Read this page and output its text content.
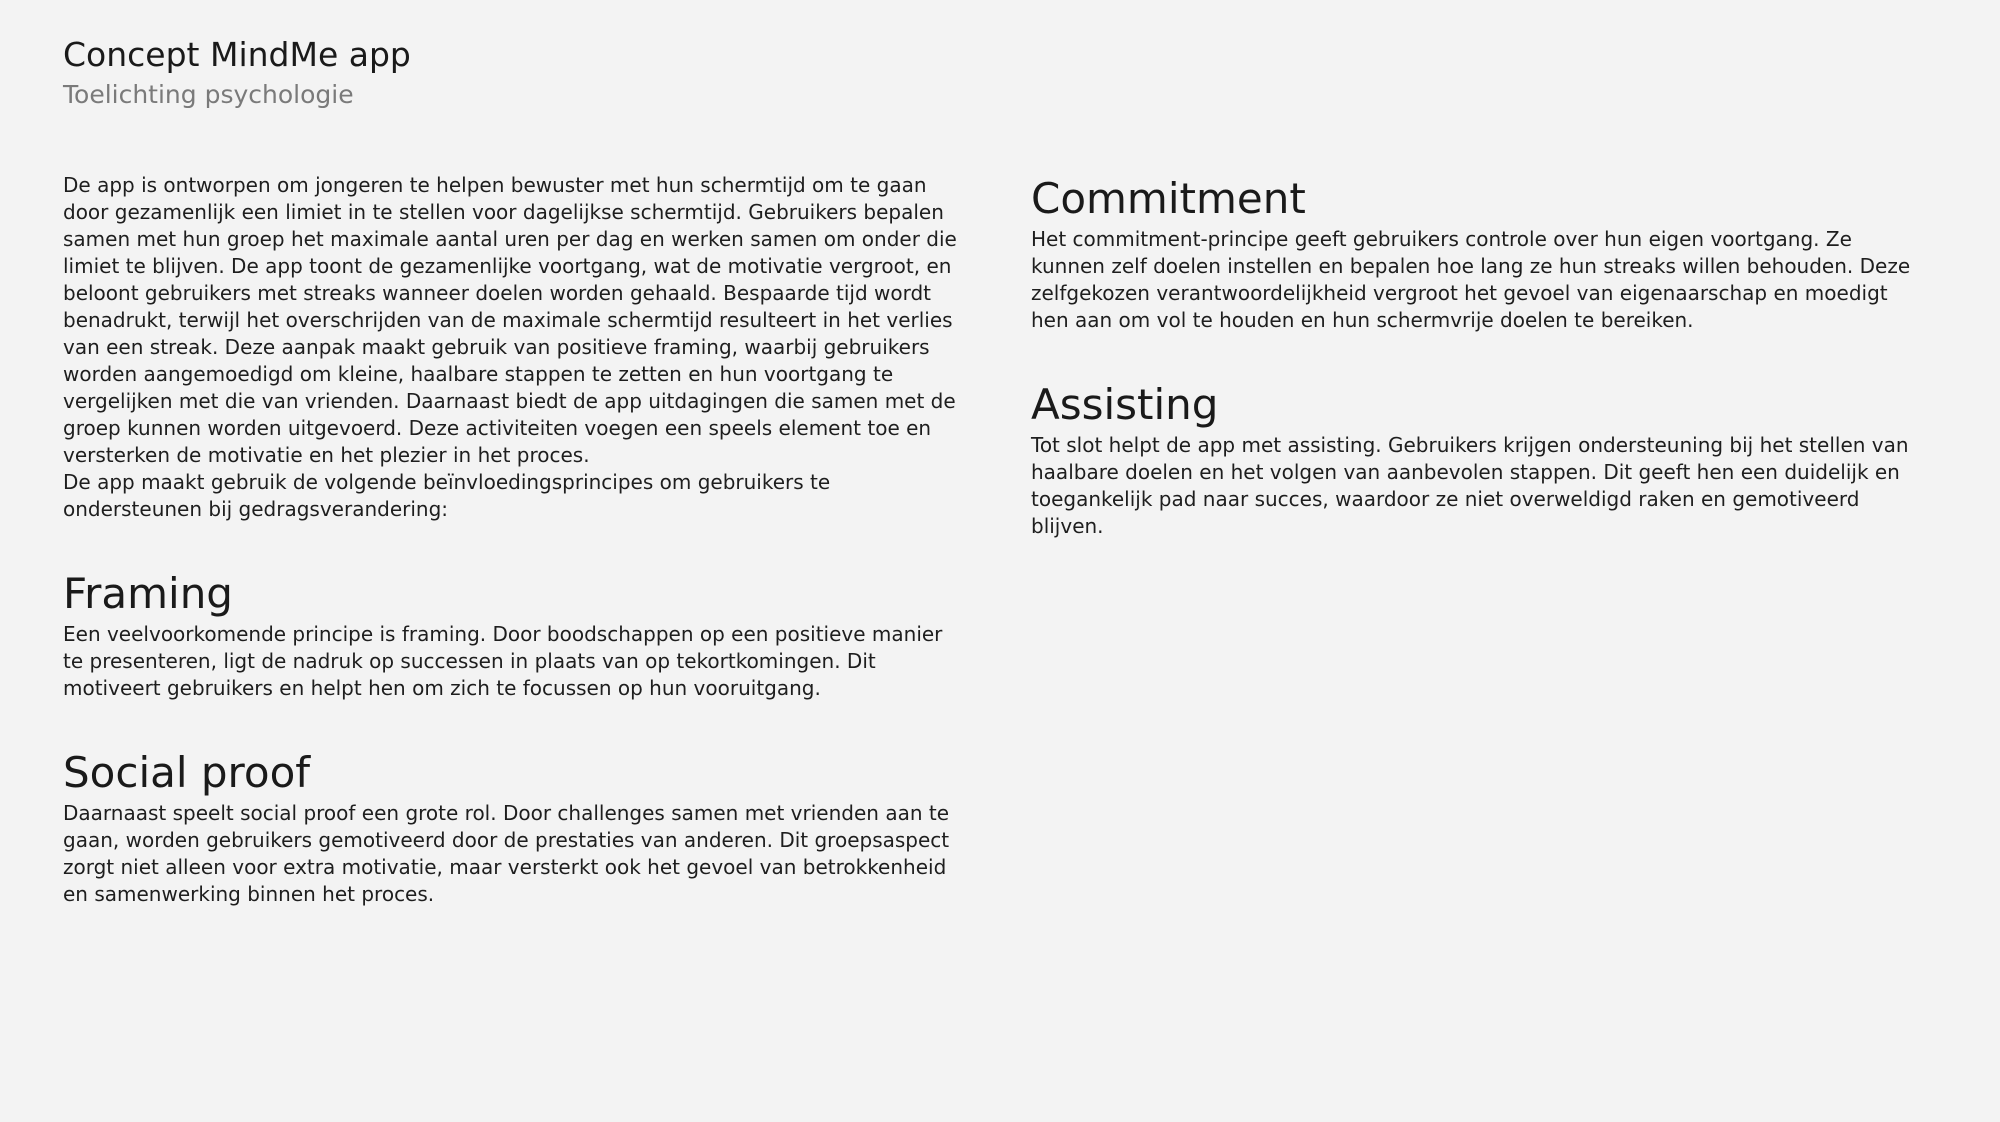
Concept MindMe app
Toelichting psychologie

De app is ontworpen om jongeren te helpen bewuster met hun schermtijd om te gaan door gezamenlijk een limiet in te stellen voor dagelijkse schermtijd. Gebruikers bepalen samen met hun groep het maximale aantal uren per dag en werken samen om onder die limiet te blijven. De app toont de gezamenlijke voortgang, wat de motivatie vergroot, en beloont gebruikers met streaks wanneer doelen worden gehaald. Bespaarde tijd wordt benadrukt, terwijl het overschrijden van de maximale schermtijd resulteert in het verlies van een streak. Deze aanpak maakt gebruik van positieve framing, waarbij gebruikers worden aangemoedigd om kleine, haalbare stappen te zetten en hun voortgang te vergelijken met die van vrienden. Daarnaast biedt de app uitdagingen die samen met de groep kunnen worden uitgevoerd. Deze activiteiten voegen een speels element toe en versterken de motivatie en het plezier in het proces.

De app maakt gebruik de volgende beïnvloedingsprincipes om gebruikers te ondersteunen bij gedragsverandering:

Framing

Een veelvoorkomende principe is framing. Door boodschappen op een positieve manier te presenteren, ligt de nadruk op successen in plaats van op tekortkomingen. Dit motiveert gebruikers en helpt hen om zich te focussen op hun vooruitgang.

Social proof

Daarnaast speelt social proof een grote rol. Door challenges samen met vrienden aan te gaan, worden gebruikers gemotiveerd door de prestaties van anderen. Dit groepsaspect zorgt niet alleen voor extra motivatie, maar versterkt ook het gevoel van betrokkenheid en samenwerking binnen het proces.

Commitment

Het commitment-principe geeft gebruikers controle over hun eigen voortgang. Ze kunnen zelf doelen instellen en bepalen hoe lang ze hun streaks willen behouden. Deze zelfgekozen verantwoordelijkheid vergroot het gevoel van eigenaarschap en moedigt hen aan om vol te houden en hun schermvrije doelen te bereiken.

Assisting

Tot slot helpt de app met assisting. Gebruikers krijgen ondersteuning bij het stellen van haalbare doelen en het volgen van aanbevolen stappen. Dit geeft hen een duidelijk en toegankelijk pad naar succes, waardoor ze niet overweldigd raken en gemotiveerd blijven.
